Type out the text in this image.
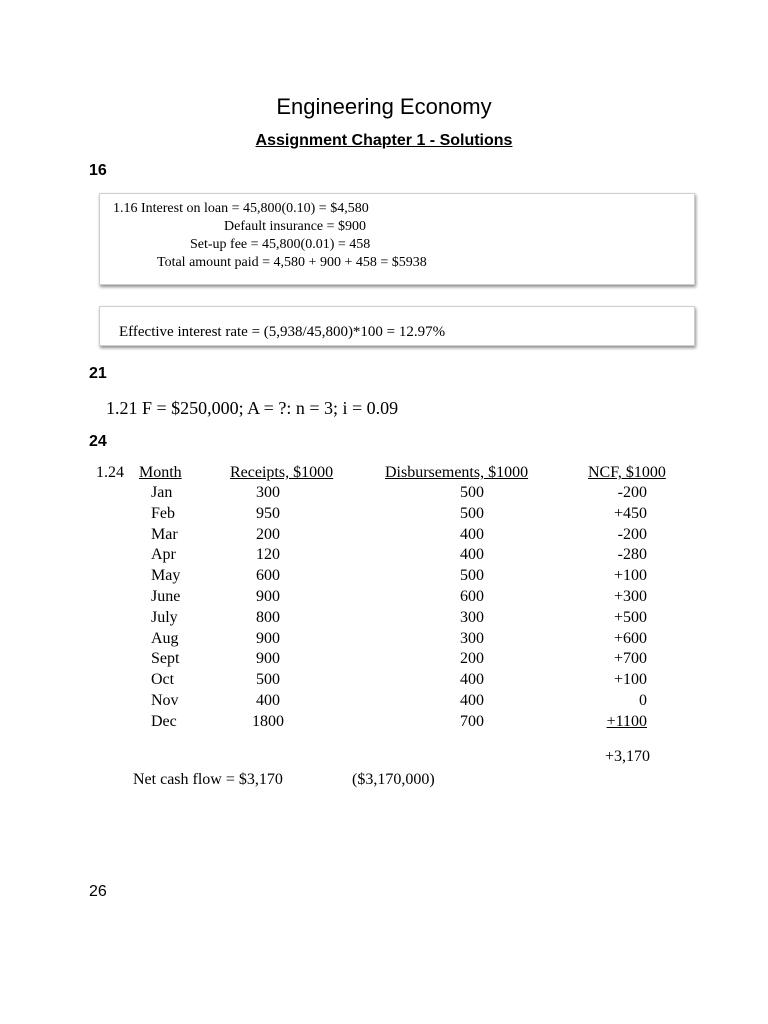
Engineering Economy
Assignment Chapter 1 - Solutions
16
1.16 Interest on loan = 45,800(0.10) = $4,580
Default insurance = $900
Set-up fee = 45,800(0.01) = 458
Total amount paid = 4,580 + 900 + 458 = $5938
Effective interest rate = (5,938/45,800)*100 = 12.97%
21
1.21 F = $250,000; A = ?: n = 3; i = 0.09
24
1.24 Month	Receipts, $1000	Disbursements, $1000	NCF, $1000
Jan	300	500	-200
Feb	950	500	+450
Mar	200	400	-200
Apr	120	400	-280
May	600	500	+100
June	900	600	+300
July	800	300	+500
Aug	900	300	+600
Sept	900	200	+700
Oct	500	400	+100
Nov	400	400	0
Dec	1800	700	+1100
+3,170
Net cash flow = $3,170	($3,170,000)
26
